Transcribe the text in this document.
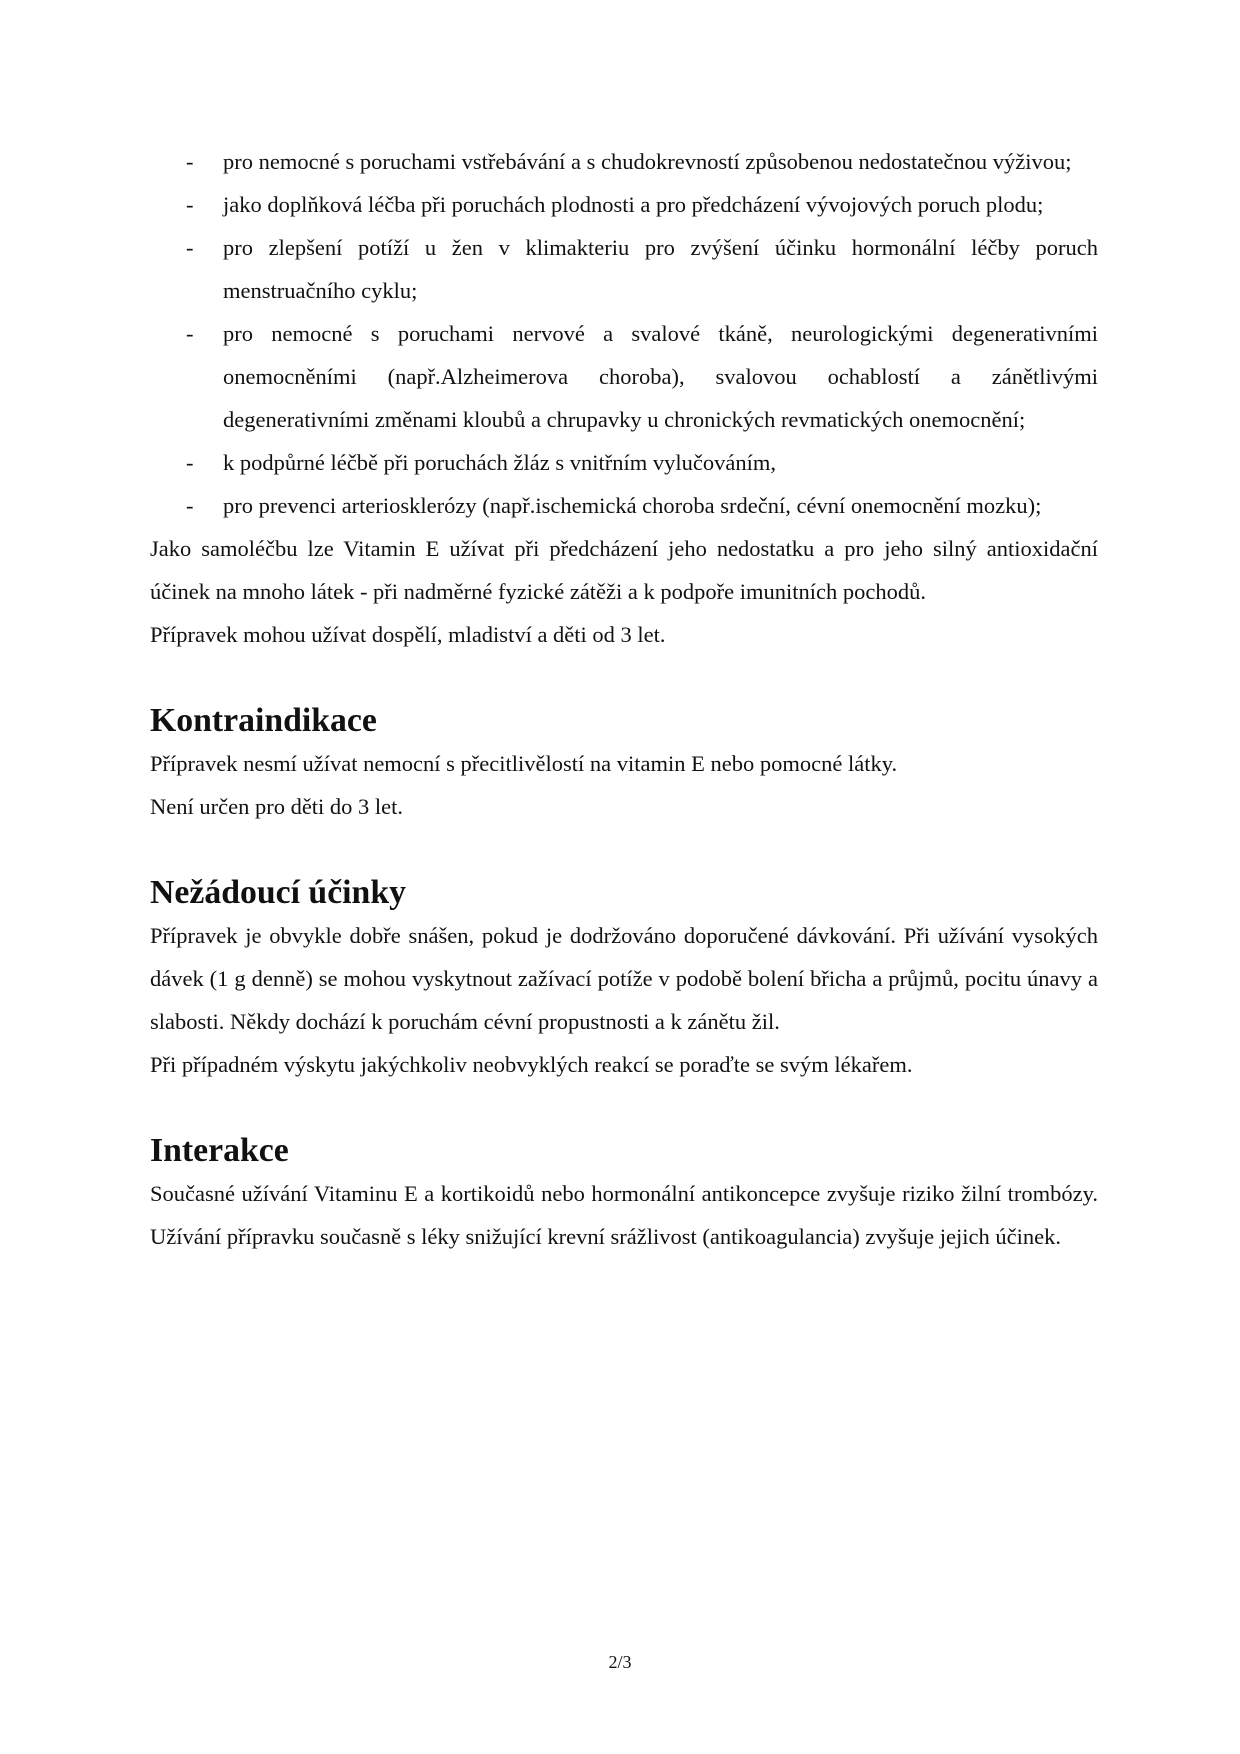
- pro nemocné s poruchami vstřebávání a s chudokrevností způsobenou nedostatečnou výživou;
- jako doplňková léčba při poruchách plodnosti a pro předcházení vývojových poruch plodu;
- pro zlepšení potíží u žen v klimakteriu pro zvýšení účinku hormonální léčby poruch menstruačního cyklu;
- pro nemocné s poruchami nervové a svalové tkáně, neurologickými degenerativními onemocněními (např.Alzheimerova choroba), svalovou ochablostí a zánětlivými degenerativními změnami kloubů a chrupavky u chronických revmatických onemocnění;
- k podpůrné léčbě při poruchách žláz s vnitřním vylučováním,
- pro prevenci arteriosklerózy (např.ischemická choroba srdeční, cévní onemocnění mozku);

Jako samoléčbu lze Vitamin E užívat při předcházení jeho nedostatku a pro jeho silný antioxidační účinek na mnoho látek - při nadměrné fyzické zátěži a k podpoře imunitních pochodů.

Přípravek mohou užívat dospělí, mladiství a děti od 3 let.

Kontraindikace

Přípravek nesmí užívat nemocní s přecitlivělostí na vitamin E nebo pomocné látky.

Není určen pro děti do 3 let.

Nežádoucí účinky

Přípravek je obvykle dobře snášen, pokud je dodržováno doporučené dávkování. Při užívání vysokých dávek (1 g denně) se mohou vyskytnout zažívací potíže v podobě bolení břicha a průjmů, pocitu únavy a slabosti. Někdy dochází k poruchám cévní propustnosti a k zánětu žil.

Při případném výskytu jakýchkoliv neobvyklých reakcí se poraďte se svým lékařem.

Interakce

Současné užívání Vitaminu E a kortikoidů nebo hormonální antikoncepce zvyšuje riziko žilní trombózy. Užívání přípravku současně s léky snižující krevní srážlivost (antikoagulancia) zvyšuje jejich účinek.

2/3
